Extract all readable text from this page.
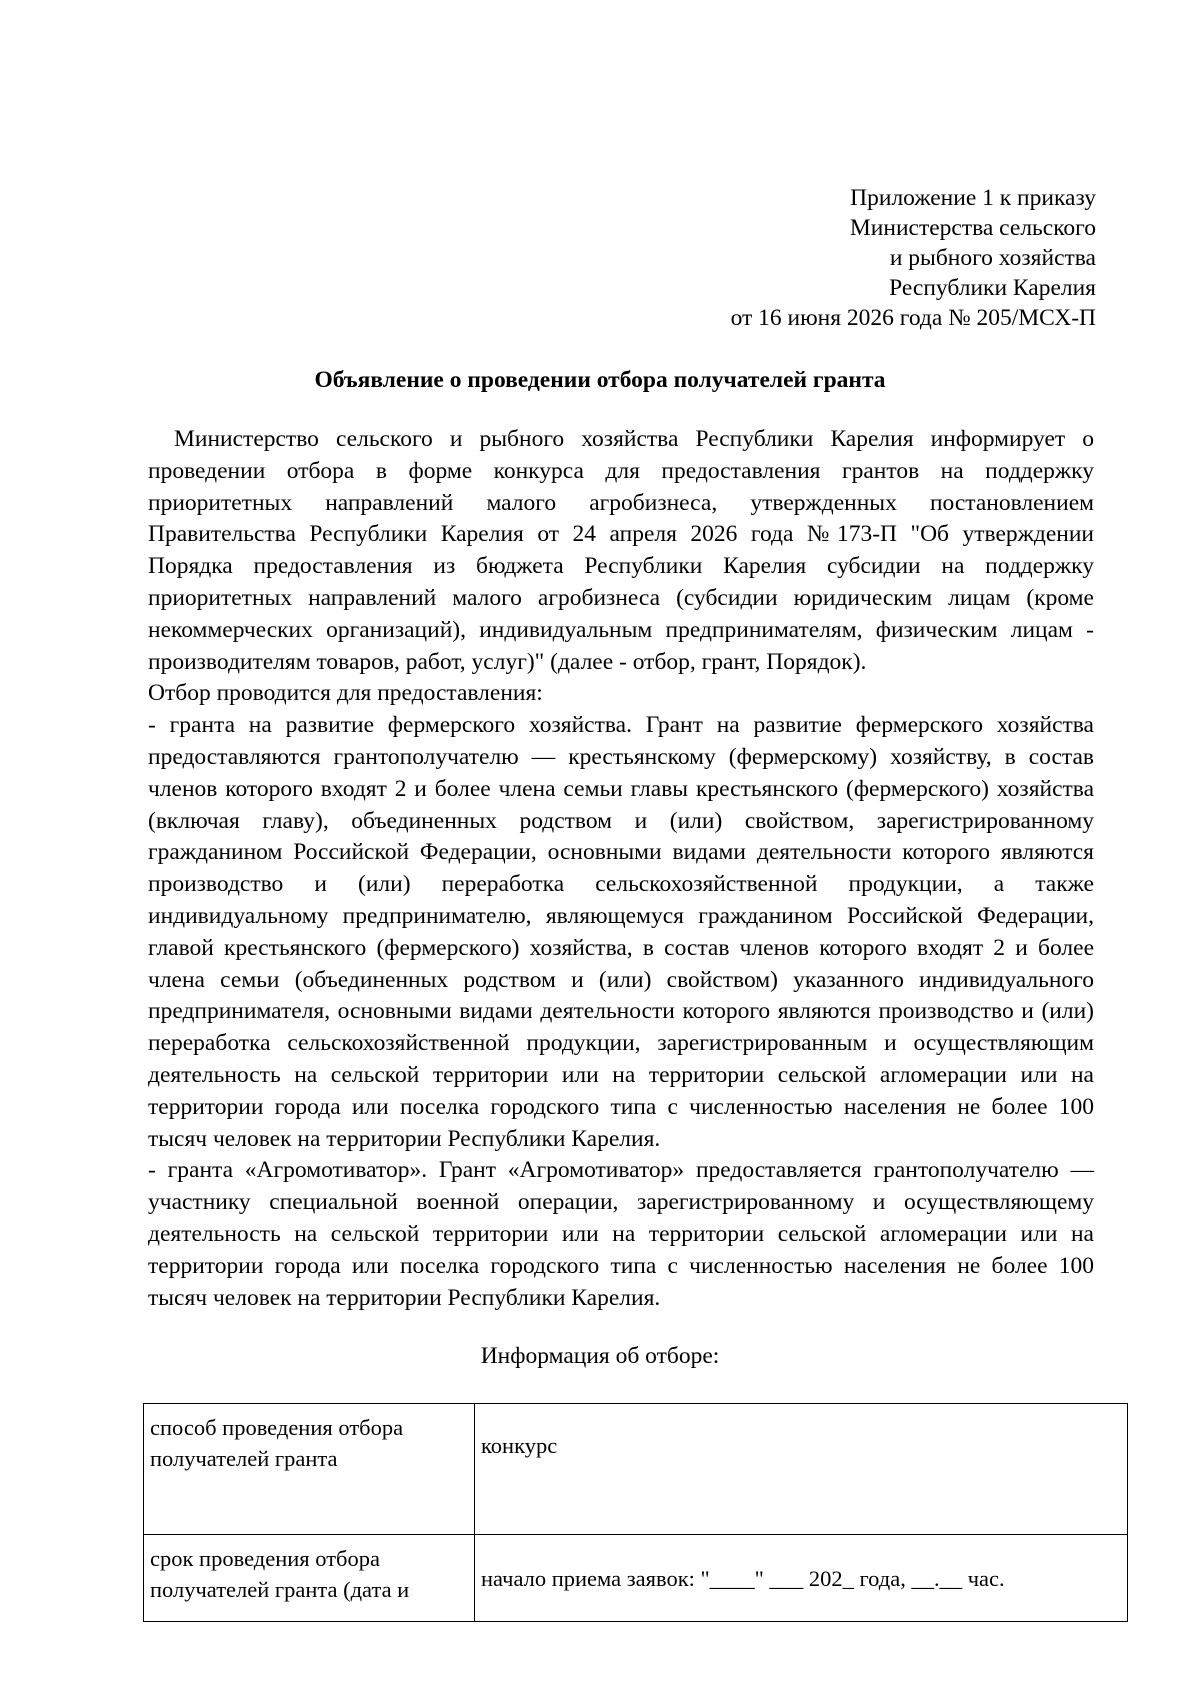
Приложение 1 к приказу
Министерства сельского
и рыбного хозяйства
Республики Карелия
от 16 июня 2026 года № 205/МСХ-П
Объявление о проведении отбора получателей гранта

Министерство сельского и рыбного хозяйства Республики Карелия информирует о проведении отбора в форме конкурса для предоставления грантов на поддержку приоритетных направлений малого агробизнеса, утвержденных постановлением Правительства Республики Карелия от 24 апреля 2026 года №173-П "Об утверждении Порядка предоставления из бюджета Республики Карелия субсидии на поддержку приоритетных направлений малого агробизнеса (субсидии юридическим лицам (кроме некоммерческих организаций), индивидуальным предпринимателям, физическим лицам - производителям товаров, работ, услуг)" (далее - отбор, грант, Порядок).

Отбор проводится для предоставления:

- гранта на развитие фермерского хозяйства. Грант на развитие фермерского хозяйства предоставляются грантополучателю — крестьянскому (фермерскому) хозяйству, в состав членов которого входят 2 и более члена семьи главы крестьянского (фермерского) хозяйства (включая главу), объединенных родством и (или) свойством, зарегистрированному гражданином Российской Федерации, основными видами деятельности которого являются производство и (или) переработка сельскохозяйственной продукции, а также индивидуальному предпринимателю, являющемуся гражданином Российской Федерации, главой крестьянского (фермерского) хозяйства, в состав членов которого входят 2 и более члена семьи (объединенных родством и (или) свойством) указанного индивидуального предпринимателя, основными видами деятельности которого являются производство и (или) переработка сельскохозяйственной продукции, зарегистрированным и осуществляющим деятельность на сельской территории или на территории сельской агломерации или на территории города или поселка городского типа с численностью населения не более 100 тысяч человек на территории Республики Карелия.

- гранта «Агромотиватор». Грант «Агромотиватор» предоставляется грантополучателю — участнику специальной военной операции, зарегистрированному и осуществляющему деятельность на сельской территории или на территории сельской агломерации или на территории города или поселка городского типа с численностью населения не более 100 тысяч человек на территории Республики Карелия.

Информация об отборе:
способ проведения отбора получателей гранта	конкурс
срок проведения отбора получателей гранта (дата и	начало приема заявок: "____" ___ 202_ года, __.__ час.
